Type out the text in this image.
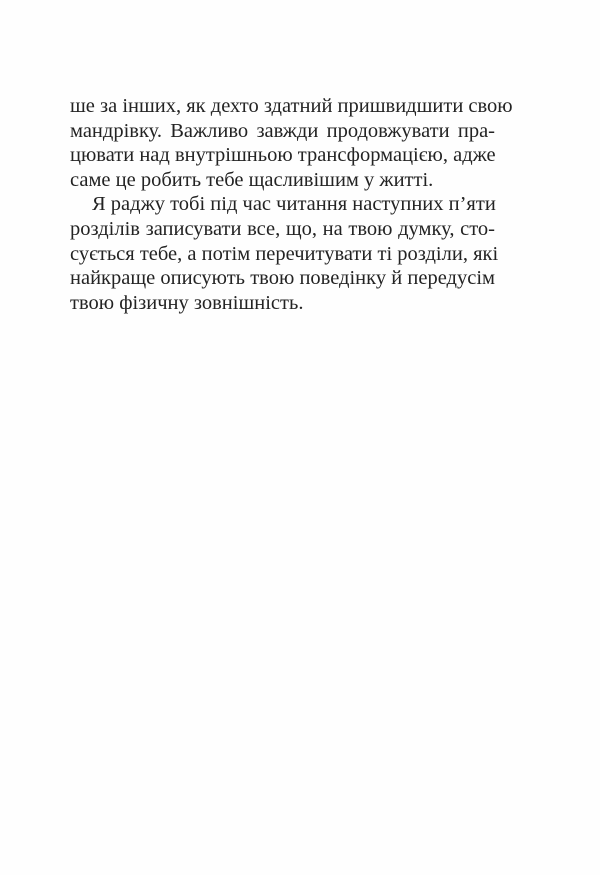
ше за інших, як дехто здатний пришвидшити свою
мандрівку. Важливо завжди продовжувати пра-
цювати над внутрішньою трансформацією, адже
саме це робить тебе щасливішим у житті.
Я раджу тобі під час читання наступних п’яти
розділів записувати все, що, на твою думку, сто-
сується тебе, а потім перечитувати ті розділи, які
найкраще описують твою поведінку й передусім
твою фізичну зовнішність.
